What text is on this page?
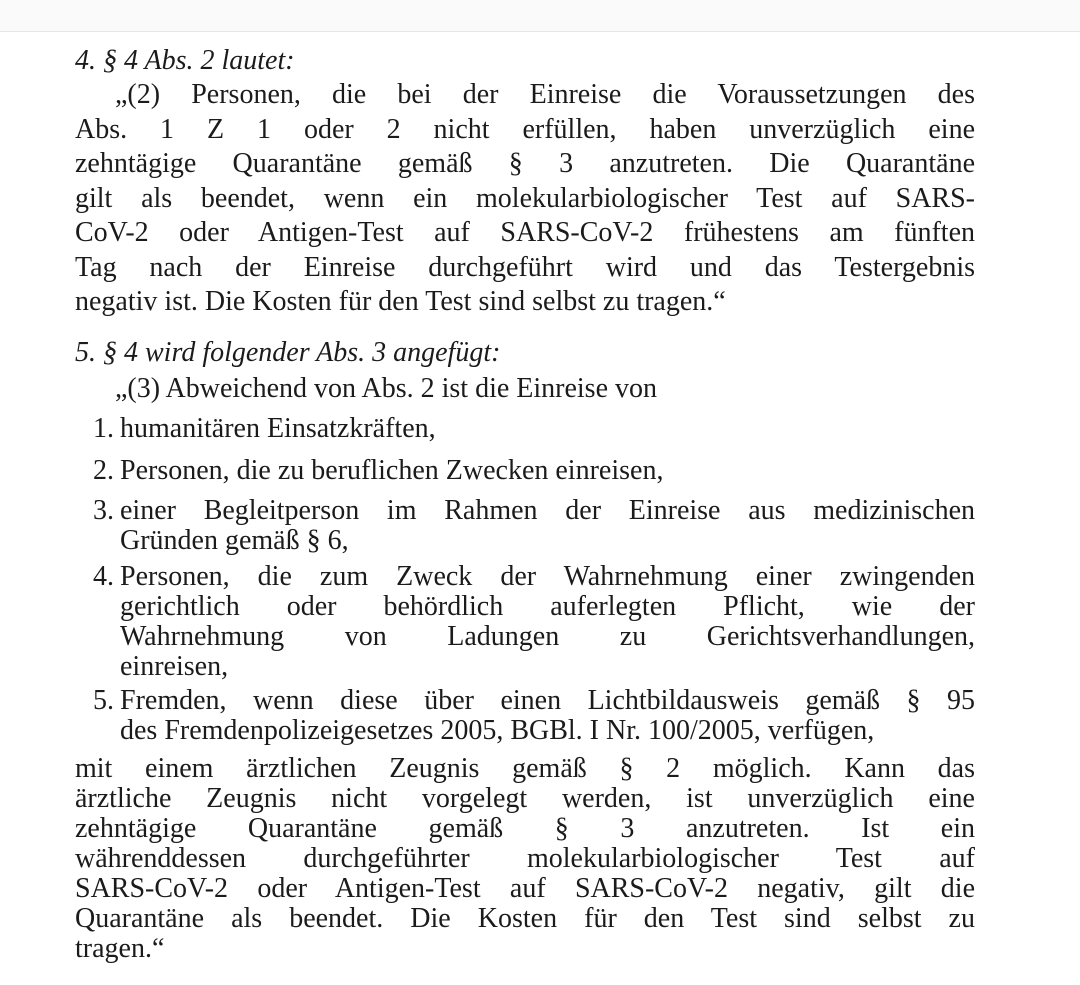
4. § 4 Abs. 2 lautet:
„(2) Personen, die bei der Einreise die Voraussetzungen des
Abs. 1 Z 1 oder 2 nicht erfüllen, haben unverzüglich eine
zehntägige Quarantäne gemäß § 3 anzutreten. Die Quarantäne
gilt als beendet, wenn ein molekularbiologischer Test auf SARS-
CoV-2 oder Antigen-Test auf SARS-CoV-2 frühestens am fünften
Tag nach der Einreise durchgeführt wird und das Testergebnis
negativ ist. Die Kosten für den Test sind selbst zu tragen.“
5. § 4 wird folgender Abs. 3 angefügt:
„(3) Abweichend von Abs. 2 ist die Einreise von
1. humanitären Einsatzkräften,
2. Personen, die zu beruflichen Zwecken einreisen,
3. einer Begleitperson im Rahmen der Einreise aus medizinischen
Gründen gemäß § 6,
4. Personen, die zum Zweck der Wahrnehmung einer zwingenden
gerichtlich oder behördlich auferlegten Pflicht, wie der
Wahrnehmung von Ladungen zu Gerichtsverhandlungen,
einreisen,
5. Fremden, wenn diese über einen Lichtbildausweis gemäß § 95
des Fremdenpolizeigesetzes 2005, BGBl. I Nr. 100/2005, verfügen,
mit einem ärztlichen Zeugnis gemäß § 2 möglich. Kann das
ärztliche Zeugnis nicht vorgelegt werden, ist unverzüglich eine
zehntägige Quarantäne gemäß § 3 anzutreten. Ist ein
währenddessen durchgeführter molekularbiologischer Test auf
SARS-CoV-2 oder Antigen-Test auf SARS-CoV-2 negativ, gilt die
Quarantäne als beendet. Die Kosten für den Test sind selbst zu
tragen.“
